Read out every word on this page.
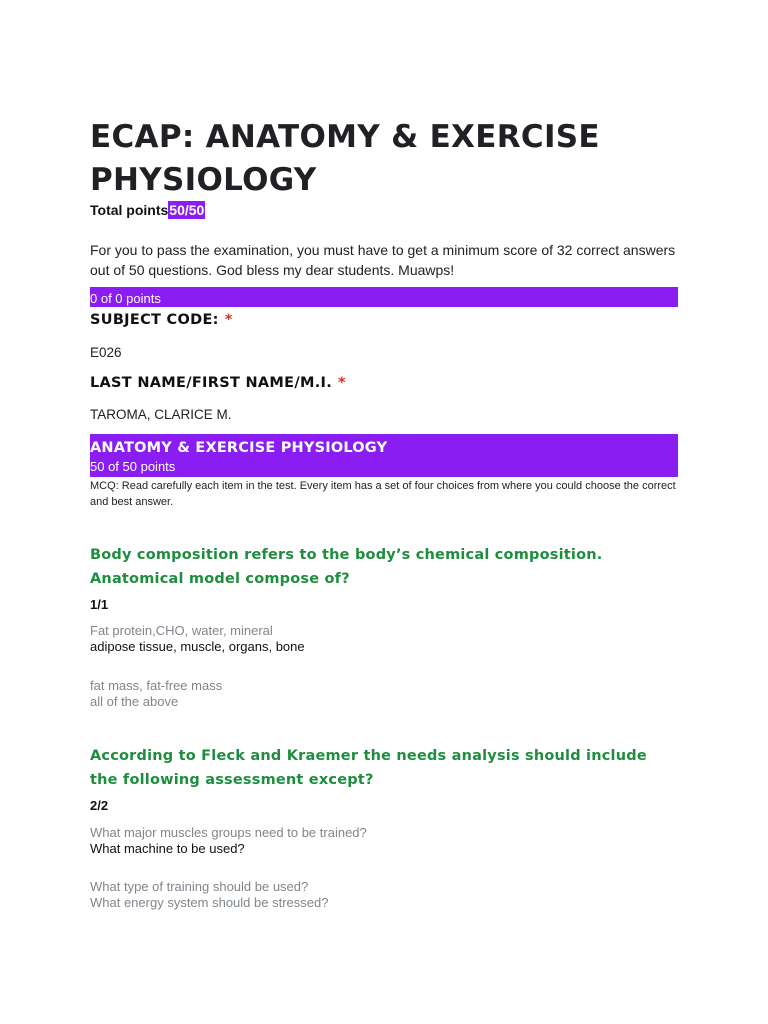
ECAP: ANATOMY & EXERCISE PHYSIOLOGY
Total points50/50
For you to pass the examination, you must have to get a minimum score of 32 correct answers out of 50 questions. God bless my dear students. Muawps!
0 of 0 points
SUBJECT CODE: *
E026
LAST NAME/FIRST NAME/M.I. *
TAROMA, CLARICE M.
ANATOMY & EXERCISE PHYSIOLOGY
50 of 50 points
MCQ: Read carefully each item in the test. Every item has a set of four choices from where you could choose the correct and best answer.
Body composition refers to the body’s chemical composition. Anatomical model compose of?
1/1
Fat protein,CHO, water, mineral
adipose tissue, muscle, organs, bone
fat mass, fat-free mass
all of the above
According to Fleck and Kraemer the needs analysis should include the following assessment except?
2/2
What major muscles groups need to be trained?
What machine to be used?
What type of training should be used?
What energy system should be stressed?
